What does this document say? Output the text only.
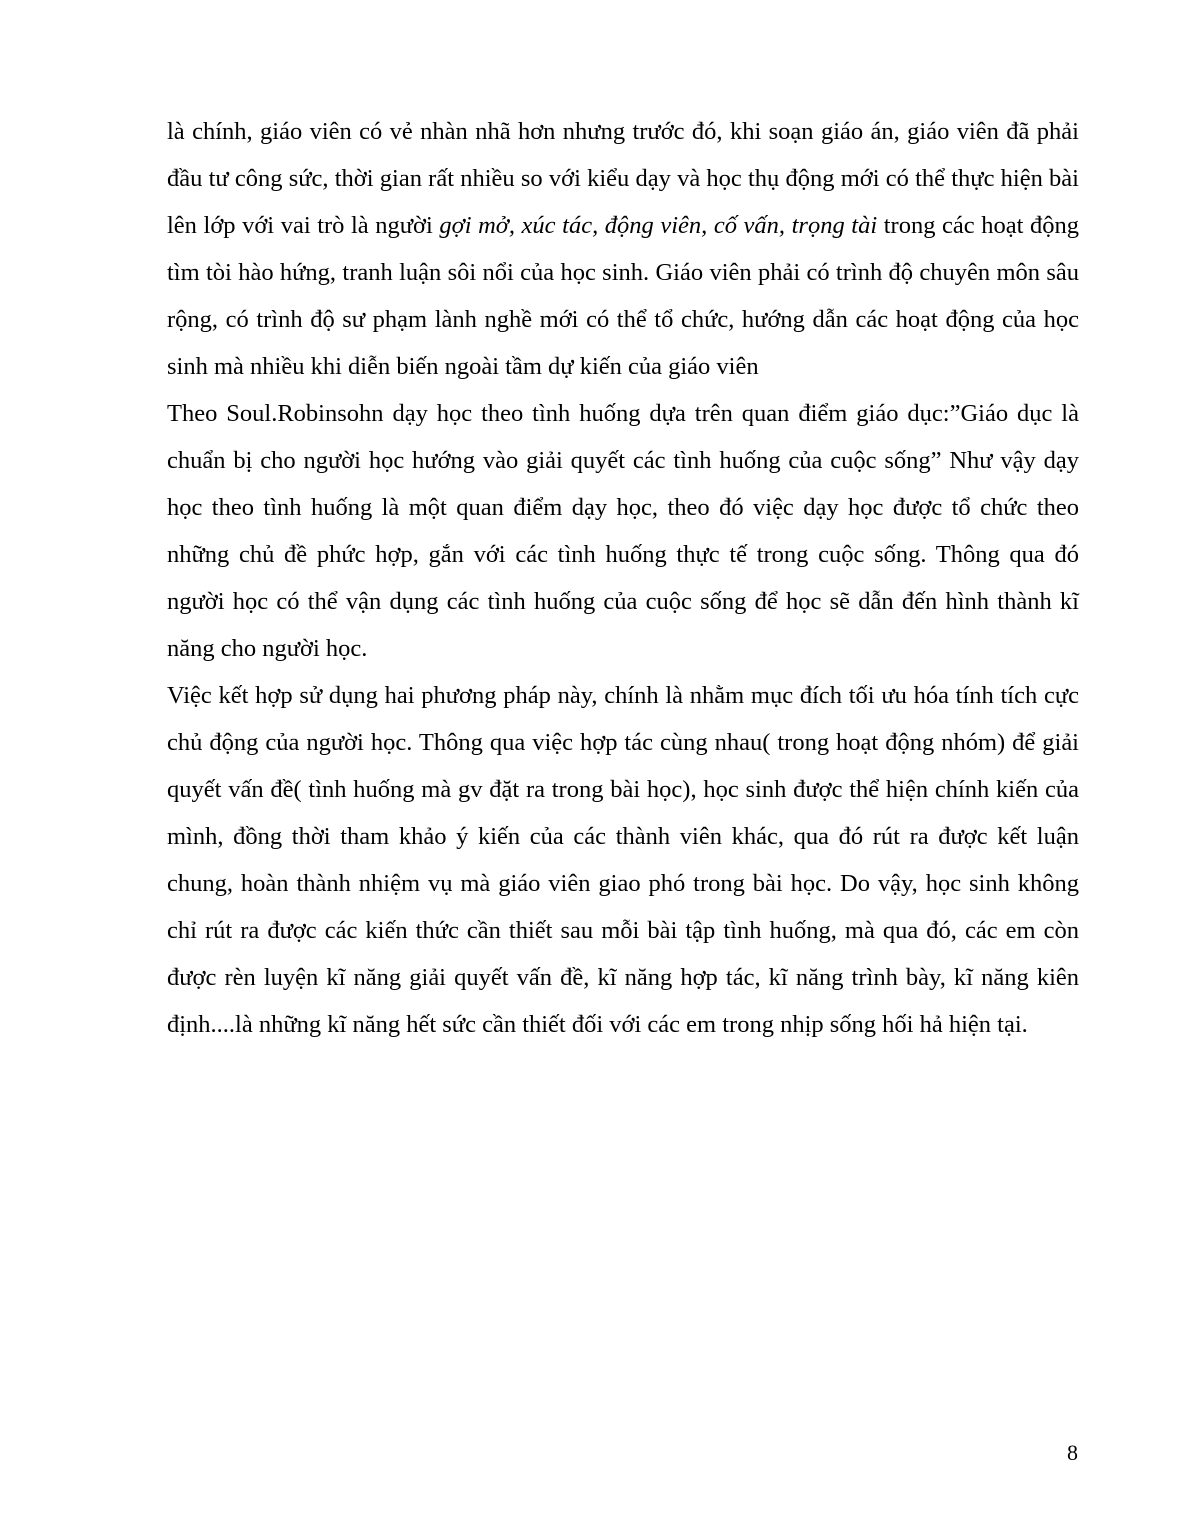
là chính, giáo viên có vẻ nhàn nhã hơn nhưng trước đó, khi soạn giáo án, giáo viên đã phải đầu tư công sức, thời gian rất nhiều so với kiểu dạy và học thụ động mới có thể thực hiện bài lên lớp với vai trò là người gợi mở, xúc tác, động viên, cố vấn, trọng tài trong các hoạt động tìm tòi hào hứng, tranh luận sôi nổi của học sinh. Giáo viên phải có trình độ chuyên môn sâu rộng, có trình độ sư phạm lành nghề mới có thể tổ chức, hướng dẫn các hoạt động của học sinh mà nhiều khi diễn biến ngoài tầm dự kiến của giáo viên

Theo Soul.Robinsohn dạy học theo tình huống dựa trên quan điểm giáo dục:”Giáo dục là chuẩn bị cho người học hướng vào giải quyết các tình huống của cuộc sống” Như vậy dạy học theo tình huống là một quan điểm dạy học, theo đó việc dạy học được tổ chức theo những chủ đề phức hợp, gắn với các tình huống thực tế trong cuộc sống. Thông qua đó người học có thể vận dụng các tình huống của cuộc sống để học sẽ dẫn đến hình thành kĩ năng cho người học.

Việc kết hợp sử dụng hai phương pháp này, chính là nhằm mục đích tối ưu hóa tính tích cực chủ động của người học. Thông qua việc hợp tác cùng nhau( trong hoạt động nhóm) để giải quyết vấn đề( tình huống mà gv đặt ra trong bài học), học sinh được thể hiện chính kiến của mình, đồng thời tham khảo ý kiến của các thành viên khác, qua đó rút ra được kết luận chung, hoàn thành nhiệm vụ mà giáo viên giao phó trong bài học. Do vậy, học sinh không chỉ rút ra được các kiến thức cần thiết sau mỗi bài tập tình huống, mà qua đó, các em còn được rèn luyện kĩ năng giải quyết vấn đề, kĩ năng hợp tác, kĩ năng trình bày, kĩ năng kiên định....là những kĩ năng hết sức cần thiết đối với các em trong nhịp sống hối hả hiện tại.

8
